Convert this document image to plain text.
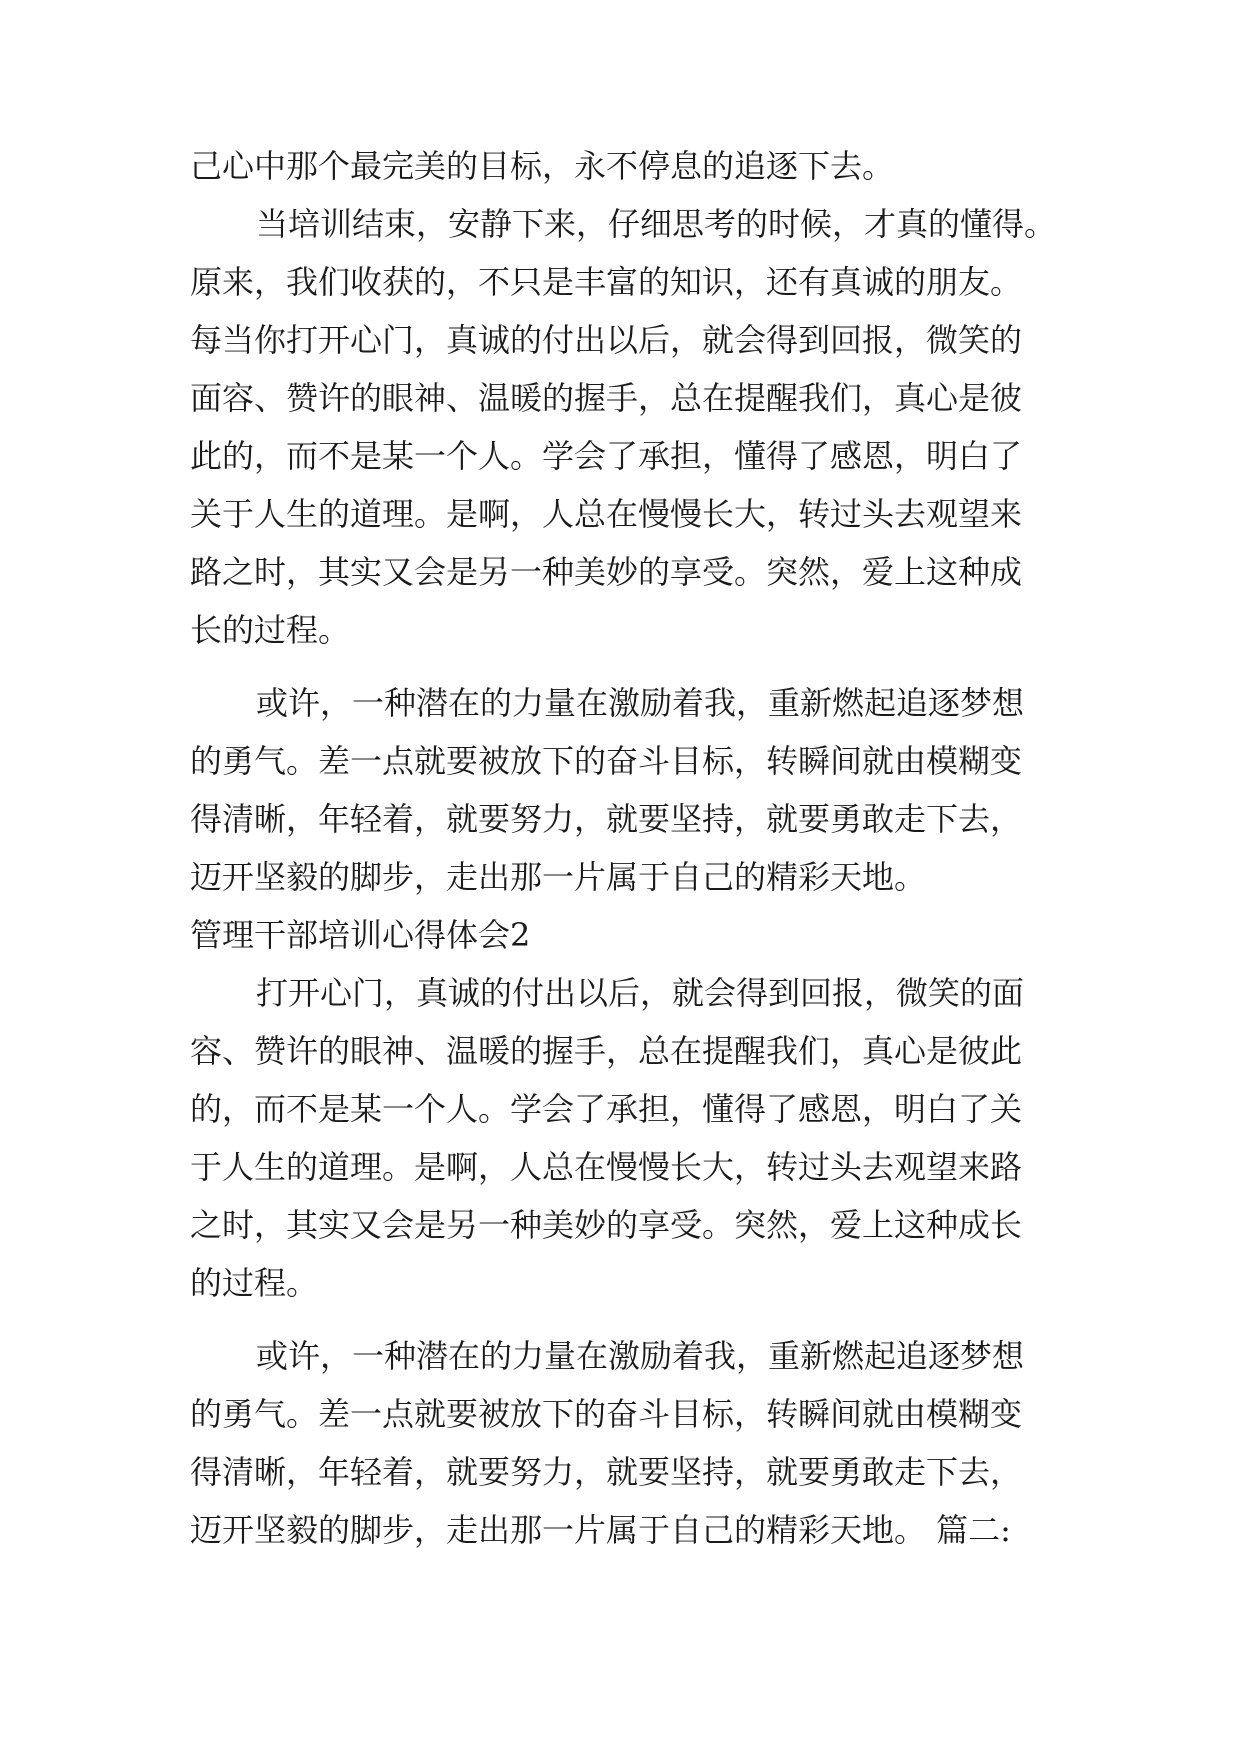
己心中那个最完美的目标，永不停息的追逐下去。
当培训结束，安静下来，仔细思考的时候，才真的懂得。
原来，我们收获的，不只是丰富的知识，还有真诚的朋友。
每当你打开心门，真诚的付出以后，就会得到回报，微笑的
面容、赞许的眼神、温暖的握手，总在提醒我们，真心是彼
此的，而不是某一个人。学会了承担，懂得了感恩，明白了
关于人生的道理。是啊，人总在慢慢长大，转过头去观望来
路之时，其实又会是另一种美妙的享受。突然，爱上这种成
长的过程。
或许，一种潜在的力量在激励着我，重新燃起追逐梦想
的勇气。差一点就要被放下的奋斗目标，转瞬间就由模糊变
得清晰，年轻着，就要努力，就要坚持，就要勇敢走下去，
迈开坚毅的脚步，走出那一片属于自己的精彩天地。
管理干部培训心得体会2
打开心门，真诚的付出以后，就会得到回报，微笑的面
容、赞许的眼神、温暖的握手，总在提醒我们，真心是彼此
的，而不是某一个人。学会了承担，懂得了感恩，明白了关
于人生的道理。是啊，人总在慢慢长大，转过头去观望来路
之时，其实又会是另一种美妙的享受。突然，爱上这种成长
的过程。
或许，一种潜在的力量在激励着我，重新燃起追逐梦想
的勇气。差一点就要被放下的奋斗目标，转瞬间就由模糊变
得清晰，年轻着，就要努力，就要坚持，就要勇敢走下去，
迈开坚毅的脚步，走出那一片属于自己的精彩天地。 篇二:
